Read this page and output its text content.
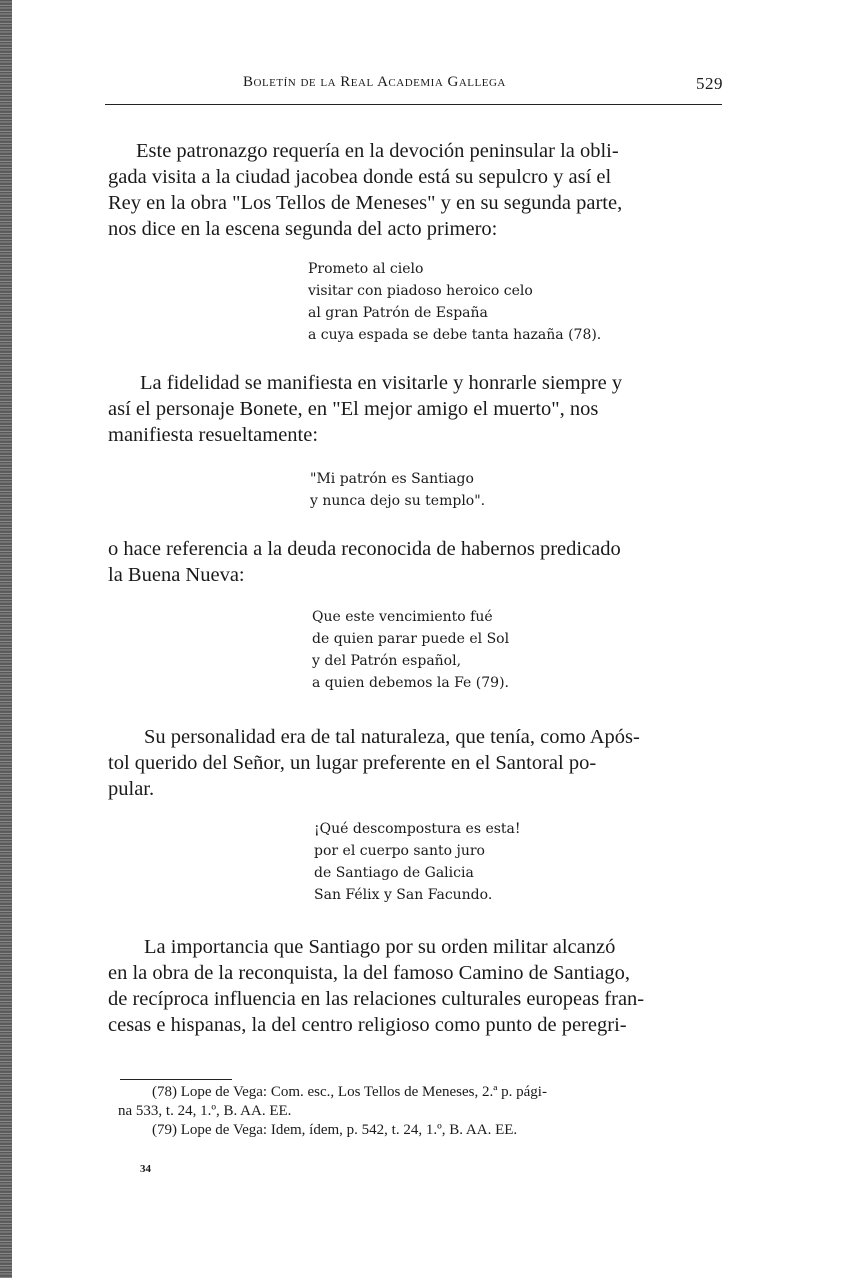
Boletín de la Real Academia Gallega	529
Este patronazgo requería en la devoción peninsular la obli-
gada visita a la ciudad jacobea donde está su sepulcro y así el
Rey en la obra "Los Tellos de Meneses" y en su segunda parte,
nos dice en la escena segunda del acto primero:
Prometo al cielo
visitar con piadoso heroico celo
al gran Patrón de España
a cuya espada se debe tanta hazaña (78).
La fidelidad se manifiesta en visitarle y honrarle siempre y
así el personaje Bonete, en "El mejor amigo el muerto", nos
manifiesta resueltamente:
"Mi patrón es Santiago
y nunca dejo su templo".
o hace referencia a la deuda reconocida de habernos predicado
la Buena Nueva:
Que este vencimiento fué
de quien parar puede el Sol
y del Patrón español,
a quien debemos la Fe (79).
Su personalidad era de tal naturaleza, que tenía, como Após-
tol querido del Señor, un lugar preferente en el Santoral po-
pular.
¡Qué descompostura es esta!
por el cuerpo santo juro
de Santiago de Galicia
San Félix y San Facundo.
La importancia que Santiago por su orden militar alcanzó
en la obra de la reconquista, la del famoso Camino de Santiago,
de recíproca influencia en las relaciones culturales europeas fran-
cesas e hispanas, la del centro religioso como punto de peregri-
(78) Lope de Vega: Com. esc., Los Tellos de Meneses, 2.ª p. pági-
na 533, t. 24, 1.º, B. AA. EE.
(79) Lope de Vega: Idem, ídem, p. 542, t. 24, 1.º, B. AA. EE.
34
